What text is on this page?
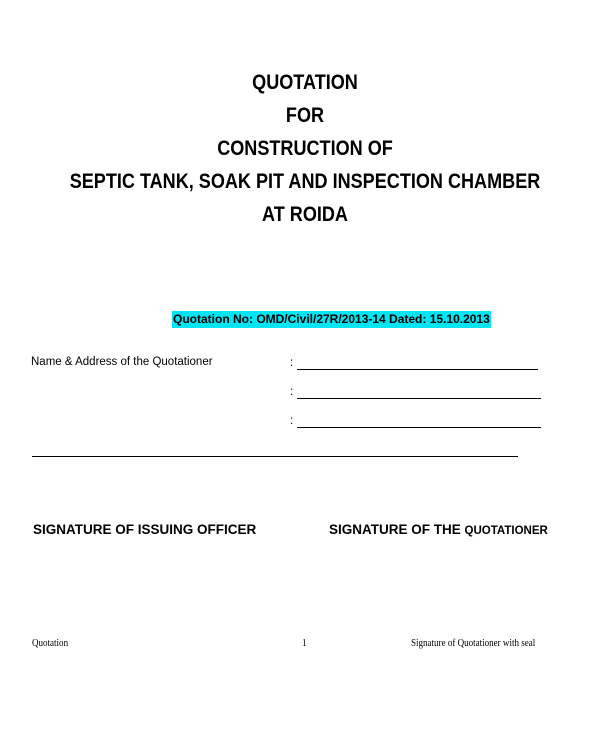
QUOTATION
FOR
CONSTRUCTION OF
SEPTIC TANK, SOAK PIT AND INSPECTION CHAMBER
AT ROIDA
Quotation No: OMD/Civil/27R/2013-14 Dated: 15.10.2013
Name & Address of the Quotationer	:
:
:
SIGNATURE OF ISSUING OFFICER	SIGNATURE OF THE QUOTATIONER
Quotation	1	Signature of Quotationer with seal
